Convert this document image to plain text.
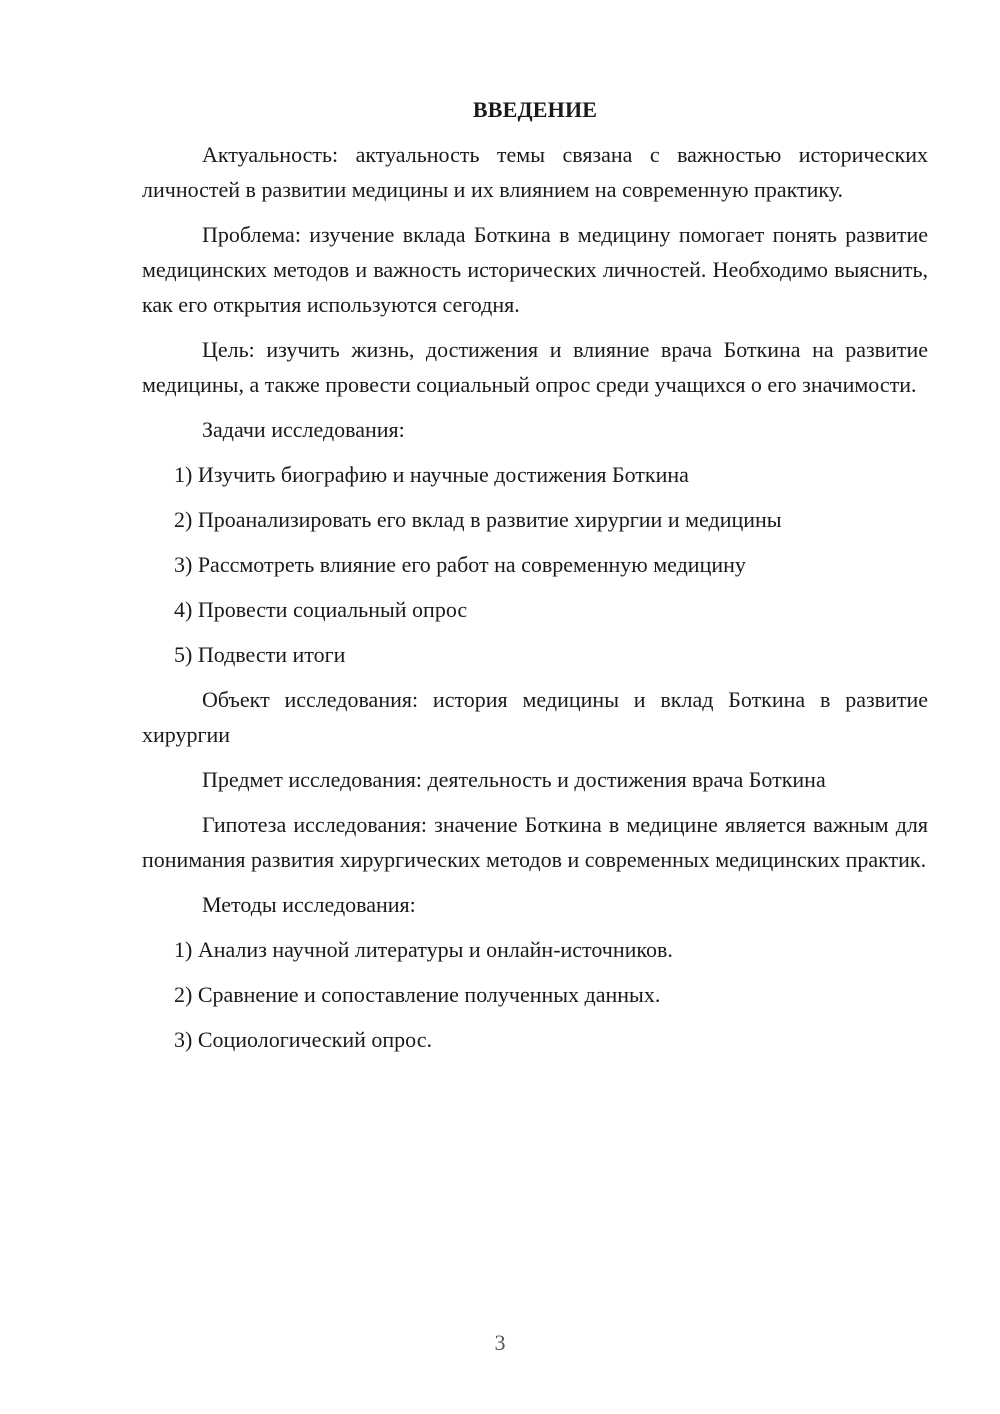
ВВЕДЕНИЕ

Актуальность: актуальность темы связана с важностью исторических личностей в развитии медицины и их влиянием на современную практику.

Проблема: изучение вклада Боткина в медицину помогает понять развитие медицинских методов и важность исторических личностей. Необходимо выяснить, как его открытия используются сегодня.

Цель: изучить жизнь, достижения и влияние врача Боткина на развитие медицины, а также провести социальный опрос среди учащихся о его значимости.

Задачи исследования:

1) Изучить биографию и научные достижения Боткина
2) Проанализировать его вклад в развитие хирургии и медицины
3) Рассмотреть влияние его работ на современную медицину
4) Провести социальный опрос
5) Подвести итоги

Объект исследования: история медицины и вклад Боткина в развитие хирургии

Предмет исследования: деятельность и достижения врача Боткина

Гипотеза исследования: значение Боткина в медицине является важным для понимания развития хирургических методов и современных медицинских практик.

Методы исследования:

1) Анализ научной литературы и онлайн-источников.
2) Сравнение и сопоставление полученных данных.
3) Социологический опрос.
3
